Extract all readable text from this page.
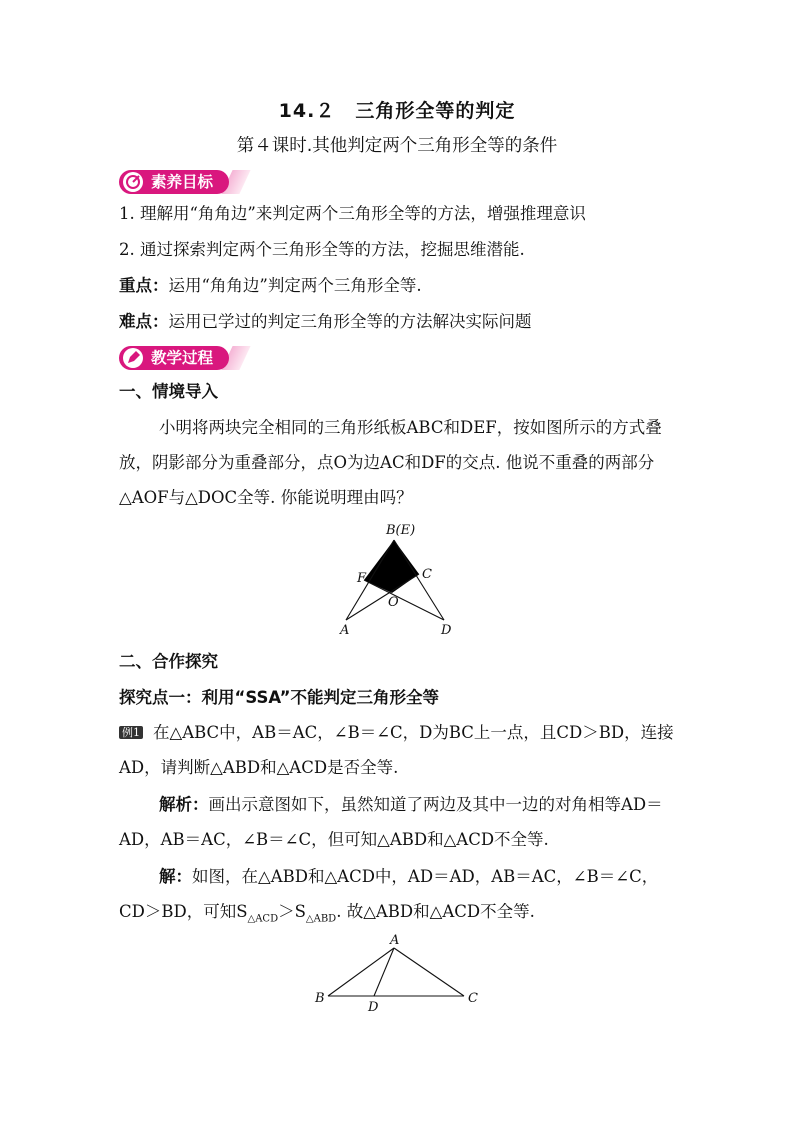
14.２　三角形全等的判定
第４课时.其他判定两个三角形全等的条件
素养目标
1. 理解用“角角边”来判定两个三角形全等的方法，增强推理意识
2. 通过探索判定两个三角形全等的方法，挖掘思维潜能.
重点：运用“角角边”判定两个三角形全等.
难点：运用已学过的判定三角形全等的方法解决实际问题
教学过程
一、情境导入
小明将两块完全相同的三角形纸板ABC和DEF，按如图所示的方式叠放，阴影部分为重叠部分，点O为边AC和DF的交点. 他说不重叠的两部分△AOF与△DOC全等. 你能说明理由吗？
B(E)
F	C
O
A	D
二、合作探究
探究点一：利用“SSA”不能判定三角形全等
例1 在△ABC中，AB＝AC，∠B＝∠C，D为BC上一点，且CD＞BD，连接AD，请判断△ABD和△ACD是否全等.
解析：画出示意图如下，虽然知道了两边及其中一边的对角相等AD＝AD，AB＝AC，∠B＝∠C，但可知△ABD和△ACD不全等.
解：如图，在△ABD和△ACD中，AD＝AD，AB＝AC，∠B＝∠C，CD＞BD，可知$S_{\triangle ACD}>S_{\triangle ABD}$. 故△ABD和△ACD不全等.
A
B	C
D
